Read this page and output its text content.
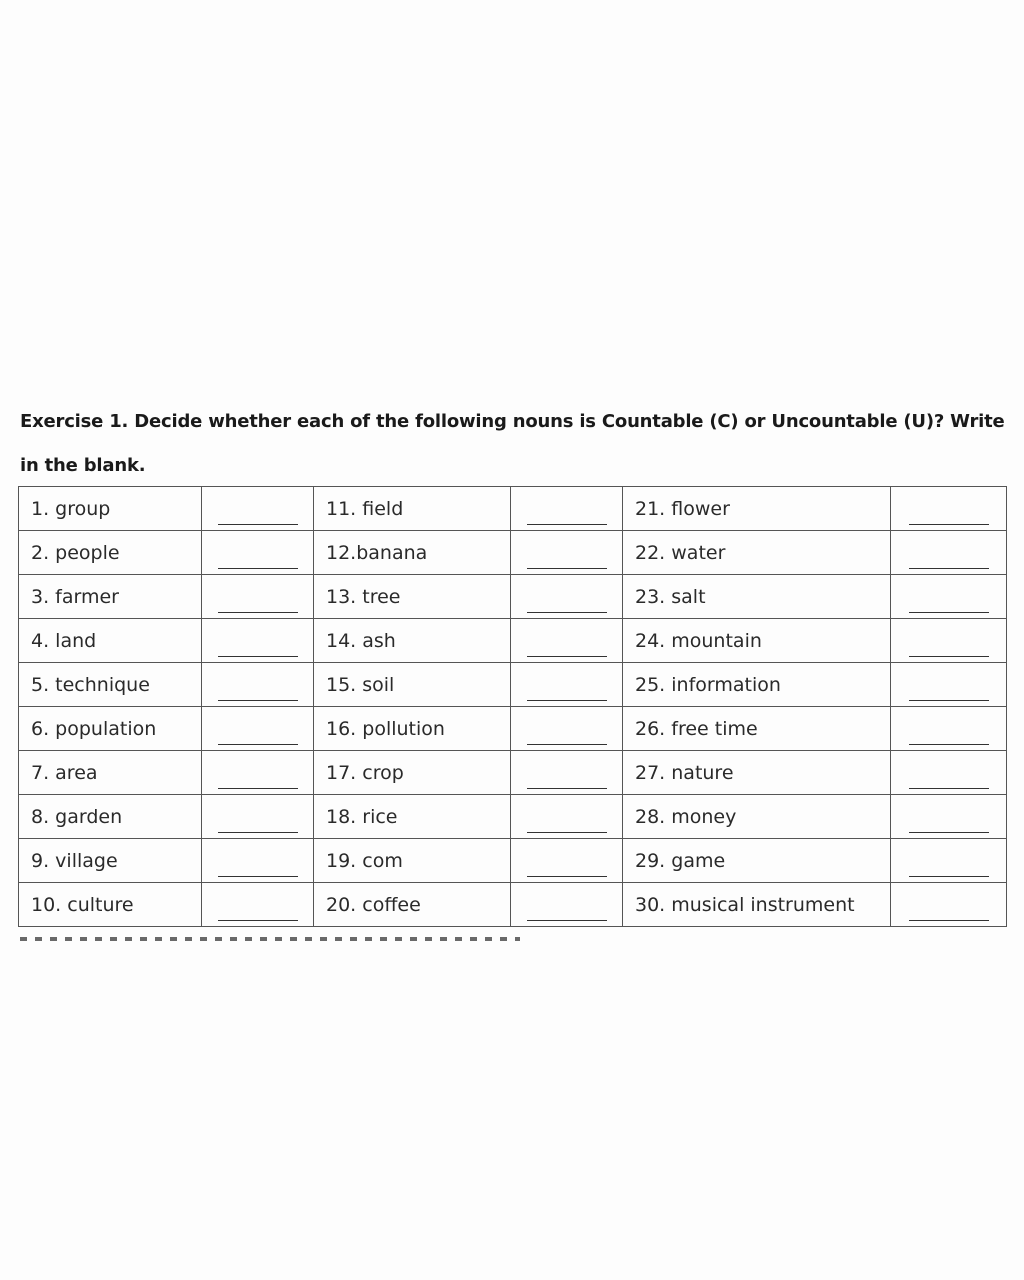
Exercise 1. Decide whether each of the following nouns is Countable (C) or Uncountable (U)? Write
in the blank.
1. group		11. field		21. flower	
2. people		12.banana		22. water	
3. farmer		13. tree		23. salt	
4. land		14. ash		24. mountain	
5. technique		15. soil		25. information	
6. population		16. pollution		26. free time	
7. area		17. crop		27. nature	
8. garden		18. rice		28. money	
9. village		19. com		29. game	
10. culture		20. coffee		30. musical instrument	
